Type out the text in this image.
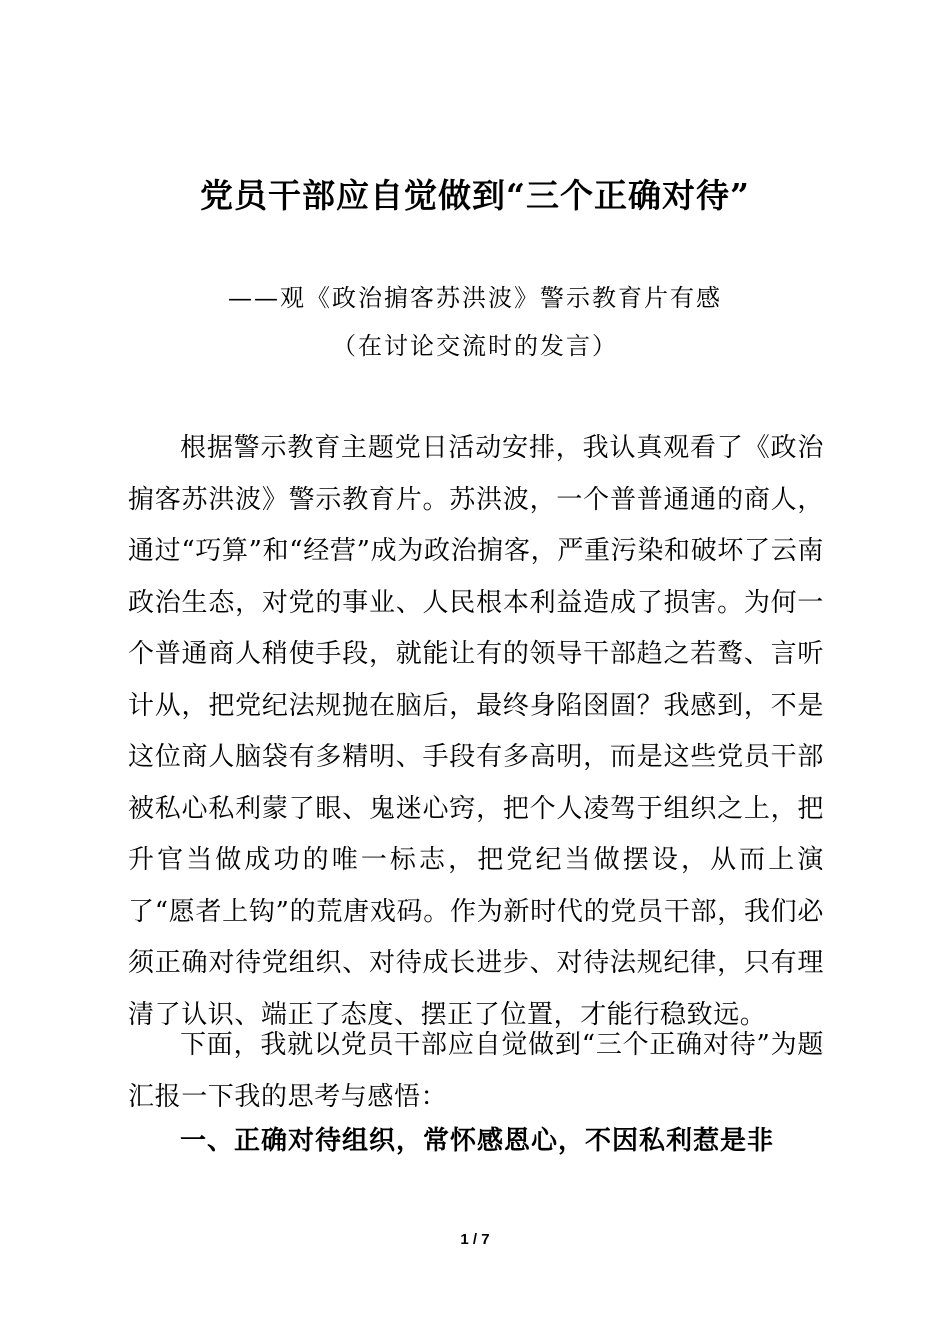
党员干部应自觉做到“三个正确对待”
——观《政治掮客苏洪波》警示教育片有感
（在讨论交流时的发言）

根据警示教育主题党日活动安排，我认真观看了《政治掮客苏洪波》警示教育片。苏洪波，一个普普通通的商人，通过“巧算”和“经营”成为政治掮客，严重污染和破坏了云南政治生态，对党的事业、人民根本利益造成了损害。为何一个普通商人稍使手段，就能让有的领导干部趋之若鹜、言听计从，把党纪法规抛在脑后，最终身陷囹圄？我感到，不是这位商人脑袋有多精明、手段有多高明，而是这些党员干部被私心私利蒙了眼、鬼迷心窍，把个人凌驾于组织之上，把升官当做成功的唯一标志，把党纪当做摆设，从而上演了“愿者上钩”的荒唐戏码。作为新时代的党员干部，我们必须正确对待党组织、对待成长进步、对待法规纪律，只有理清了认识、端正了态度、摆正了位置，才能行稳致远。

下面，我就以党员干部应自觉做到“三个正确对待”为题汇报一下我的思考与感悟：

一、正确对待组织，常怀感恩心，不因私利惹是非
1 / 7
